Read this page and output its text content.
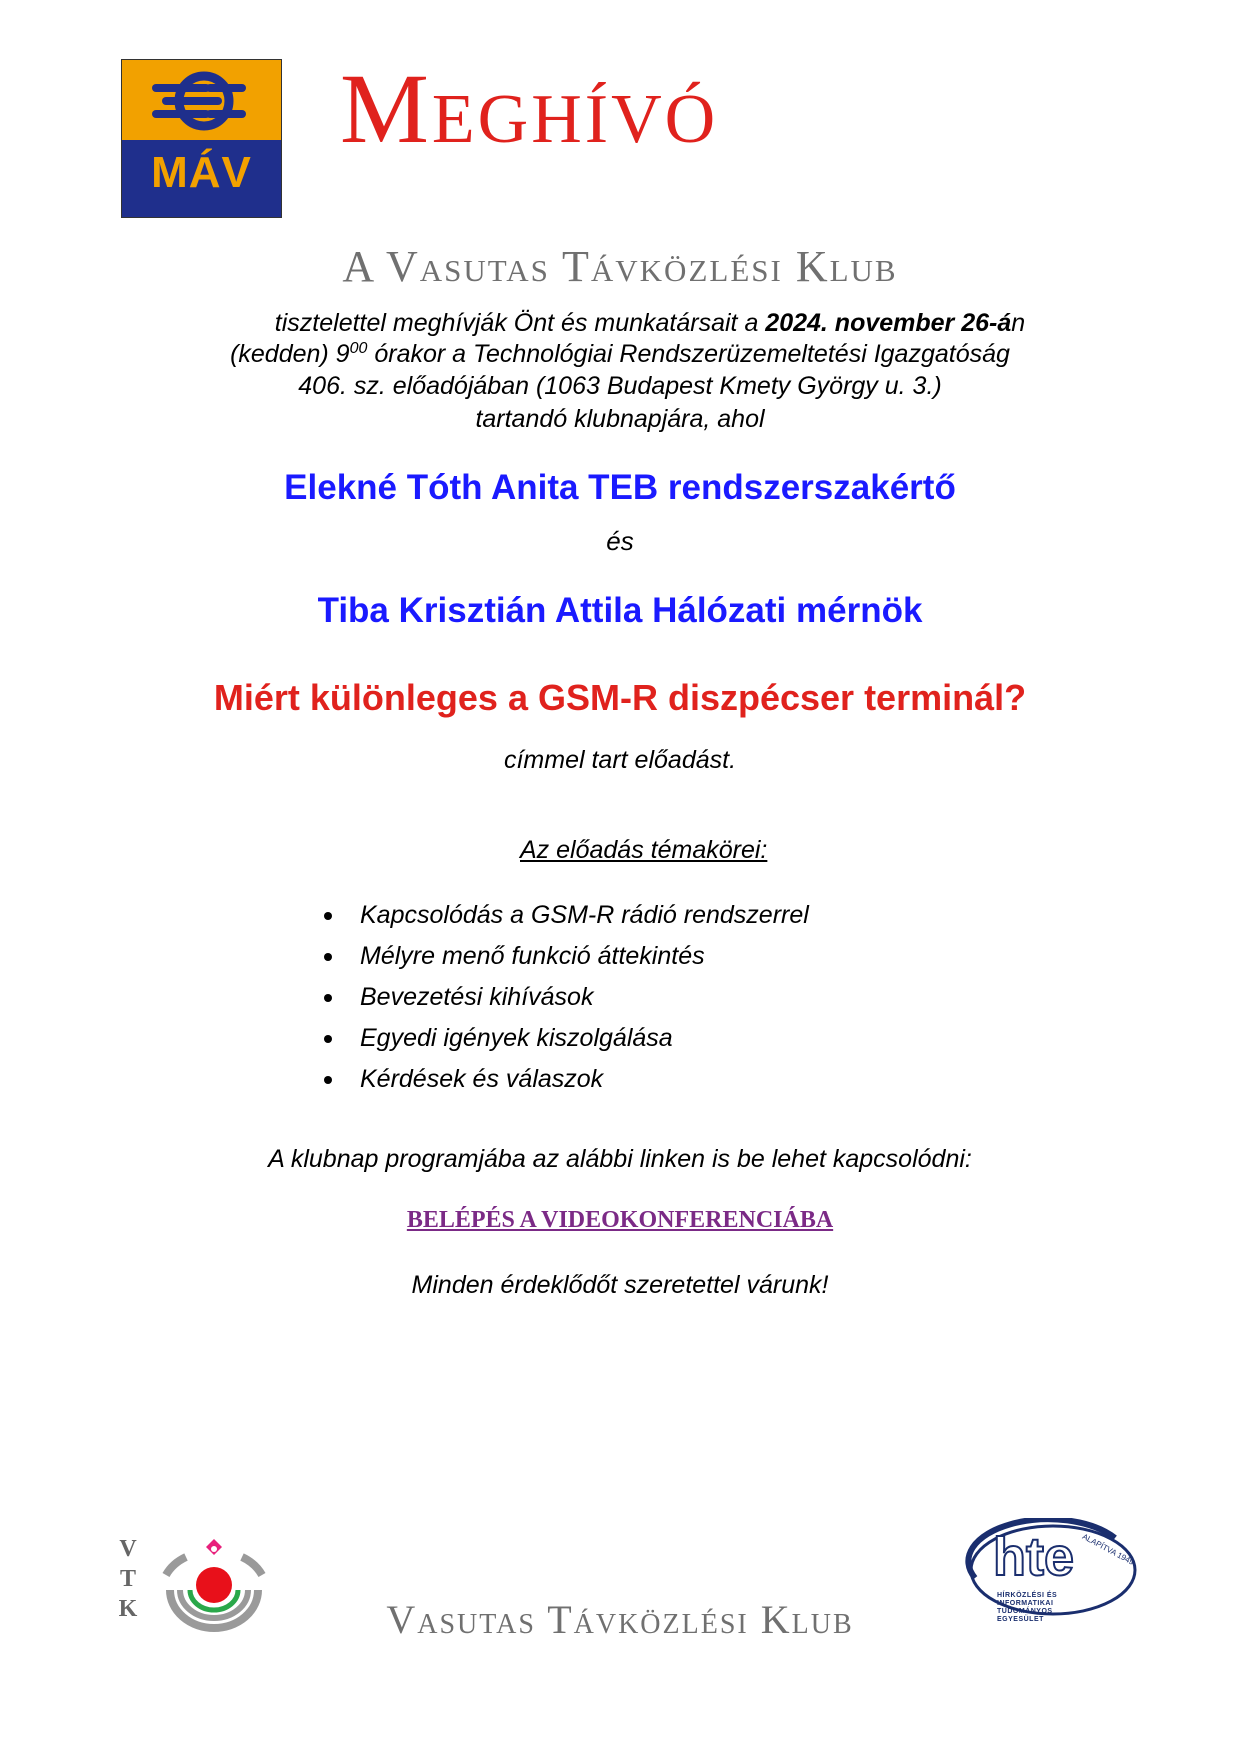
MÁV
Meghívó
A Vasutas Távközlési Klub
tisztelettel meghívják Önt és munkatársait a 2024. november 26-án
(kedden) $9^{00}$ órakor a Technológiai Rendszerüzemeltetési Igazgatóság
406. sz. előadójában (1063 Budapest Kmety György u. 3.)
tartandó klubnapjára, ahol
Elekné Tóth Anita TEB rendszerszakértő
és
Tiba Krisztián Attila Hálózati mérnök
Miért különleges a GSM-R diszpécser terminál?
címmel tart előadást.
Az előadás témakörei:
Kapcsolódás a GSM-R rádió rendszerrel
Mélyre menő funkció áttekintés
Bevezetési kihívások
Egyedi igények kiszolgálása
Kérdések és válaszok
A klubnap programjába az alábbi linken is be lehet kapcsolódni:
BELÉPÉS A VIDEOKONFERENCIÁBA
Minden érdeklődőt szeretettel várunk!
V
T
K	Vasutas Távközlési Klub
hte ALAPÍTVA 1949
HÍRKÖZLÉSI ÉS
INFORMATIKAI
TUDOMÁNYOS
EGYESÜLET
